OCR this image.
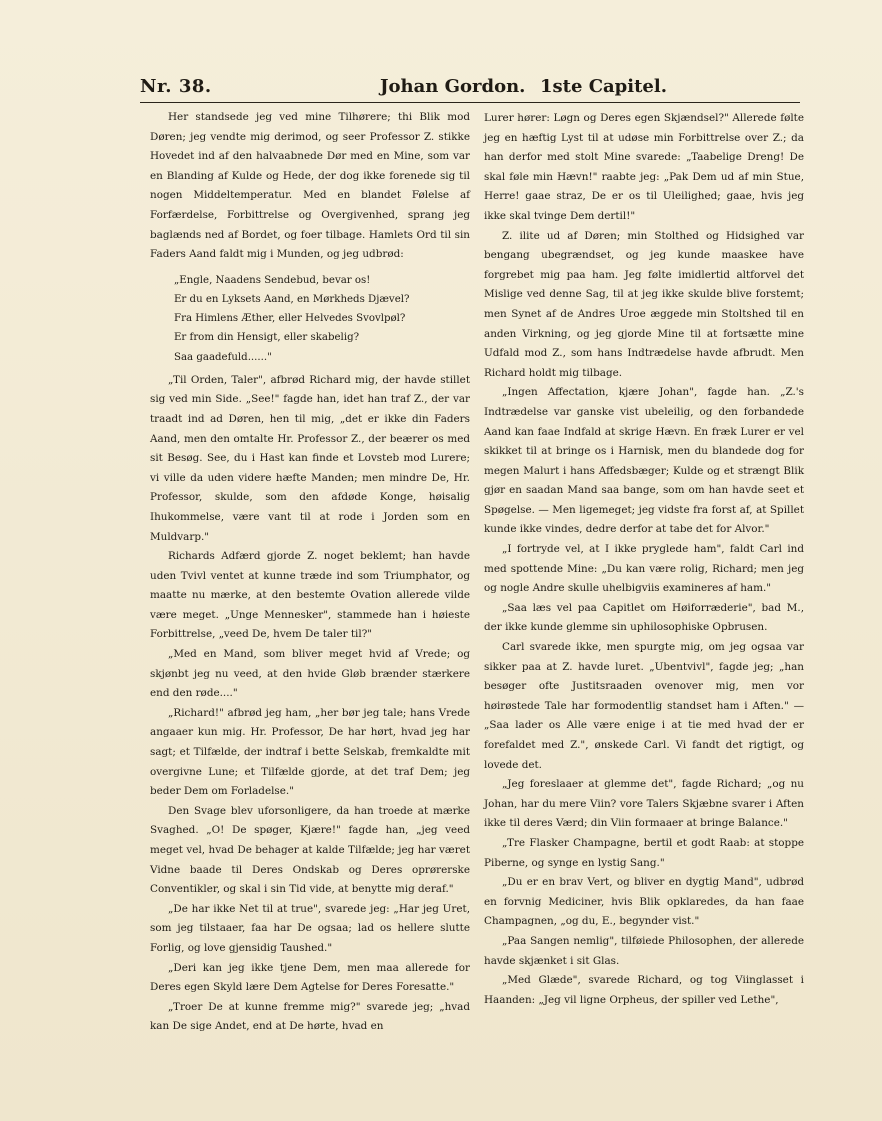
Nr. 38.	Johan Gordon. 1ste Capitel.

Her standsede jeg ved mine Tilhørere; thi Blik mod Døren; jeg vendte mig derimod, og seer Professor Z. stikke Hovedet ind af den halvaabnede Dør med en Mine, som var en Blanding af Kulde og Hede, der dog ikke forenede sig til nogen Middeltemperatur. Med en blandet Følelse af Forfærdelse, Forbittrelse og Overgivenhed, sprang jeg baglænds ned af Bordet, og foer tilbage. Hamlets Ord til sin Faders Aand faldt mig i Munden, og jeg udbrød:

„Engle, Naadens Sendebud, bevar os!
Er du en Lyksets Aand, en Mørkheds Djævel?
Fra Himlens Æther, eller Helvedes Svovlpøl?
Er from din Hensigt, eller skabelig?
Saa gaadefuld......"

„Til Orden, Taler", afbrød Richard mig, der havde stillet sig ved min Side. „See!" fagde han, idet han traf Z., der var traadt ind ad Døren, hen til mig, „det er ikke din Faders Aand, men den omtalte Hr. Professor Z., der beærer os med sit Besøg. See, du i Hast kan finde et Lovsteb mod Lurere; vi ville da uden videre hæfte Manden; men mindre De, Hr. Professor, skulde, som den afdøde Konge, høisalig Ihukommelse, være vant til at rode i Jorden som en Muldvarp."

Richards Adfærd gjorde Z. noget beklemt; han havde uden Tvivl ventet at kunne træde ind som Triumphator, og maatte nu mærke, at den bestemte Ovation allerede vilde være meget. „Unge Mennesker", stammede han i høieste Forbittrelse, „veed De, hvem De taler til?"

„Med en Mand, som bliver meget hvid af Vrede; og skjønbt jeg nu veed, at den hvide Gløb brænder stærkere end den røde...."

„Richard!" afbrød jeg ham, „her bør jeg tale; hans Vrede angaaer kun mig. Hr. Professor, De har hørt, hvad jeg har sagt; et Tilfælde, der indtraf i bette Selskab, fremkaldte mit overgivne Lune; et Tilfælde gjorde, at det traf Dem; jeg beder Dem om Forladelse."

Den Svage blev uforsonligere, da han troede at mærke Svaghed. „O! De spøger, Kjære!" fagde han, „jeg veed meget vel, hvad De behager at kalde Tilfælde; jeg har været Vidne baade til Deres Ondskab og Deres oprørerske Conventikler, og skal i sin Tid vide, at benytte mig deraf."

„De har ikke Net til at true", svarede jeg: „Har jeg Uret, som jeg tilstaaer, faa har De ogsaa; lad os hellere slutte Forlig, og love gjensidig Taushed."

„Deri kan jeg ikke tjene Dem, men maa allerede for Deres egen Skyld lære Dem Agtelse for Deres Foresatte."

„Troer De at kunne fremme mig?" svarede jeg; „hvad kan De sige Andet, end at De hørte, hvad en

Lurer hører: Løgn og Deres egen Skjændsel?" Allerede følte jeg en hæftig Lyst til at udøse min Forbittrelse over Z.; da han derfor med stolt Mine svarede: „Taabelige Dreng! De skal føle min Hævn!" raabte jeg: „Pak Dem ud af min Stue, Herre! gaae straz, De er os til Uleilighed; gaae, hvis jeg ikke skal tvinge Dem dertil!"

Z. ilite ud af Døren; min Stolthed og Hidsighed var bengang ubegrændset, og jeg kunde maaskee have forgrebet mig paa ham. Jeg følte imidlertid altforvel det Mislige ved denne Sag, til at jeg ikke skulde blive forstemt; men Synet af de Andres Uroe æggede min Stoltshed til en anden Virkning, og jeg gjorde Mine til at fortsætte mine Udfald mod Z., som hans Indtrædelse havde afbrudt. Men Richard holdt mig tilbage.

„Ingen Affectation, kjære Johan", fagde han. „Z.'s Indtrædelse var ganske vist ubeleilig, og den forbandede Aand kan faae Indfald at skrige Hævn. En fræk Lurer er vel skikket til at bringe os i Harnisk, men du blandede dog for megen Malurt i hans Affedsbæger; Kulde og et strængt Blik gjør en saadan Mand saa bange, som om han havde seet et Spøgelse. — Men ligemeget; jeg vidste fra forst af, at Spillet kunde ikke vindes, dedre derfor at tabe det for Alvor."

„I fortryde vel, at I ikke prygledе ham", faldt Carl ind med spottende Mine: „Du kan være rolig, Richard; men jeg og nogle Andre skulle uhelbigviis examineres af ham."

„Saa læs vel paa Capitlet om Høiforræderie", bad M., der ikke kunde glemme sin uphilosophiske Opbrusen.

Carl svarede ikke, men spurgte mig, om jeg ogsaa var sikker paa at Z. havde luret. „Ubentvivl", fagde jeg; „han besøger ofte Justitsraaden ovenover mig, men vor høirøstede Tale har formodentlig standset ham i Aften." — „Saa lader os Alle være enige i at tie med hvad der er forefaldet med Z.", ønskede Carl. Vi fandt det rigtigt, og lovede det.

„Jeg foreslaaer at glemme det", fagde Richard; „og nu Johan, har du mere Viin? vore Talers Skjæbne svarer i Aften ikke til deres Værd; din Viin formaaer at bringe Balance."

„Tre Flasker Champagne, bertil et godt Raab: at stoppe Piberne, og synge en lystig Sang."

„Du er en brav Vert, og bliver en dygtig Mand", udbrød en forvnig Mediciner, hvis Blik opklaredes, da han faae Champagnen, „og du, E., begynder vist."

„Paa Sangen nemlig", tilføiede Philosophen, der allerede havde skjænket i sit Glas.

„Med Glæde", svarede Richard, og tog Viinglasset i Haanden: „Jeg vil ligne Orpheus, der spiller ved Lethe",
